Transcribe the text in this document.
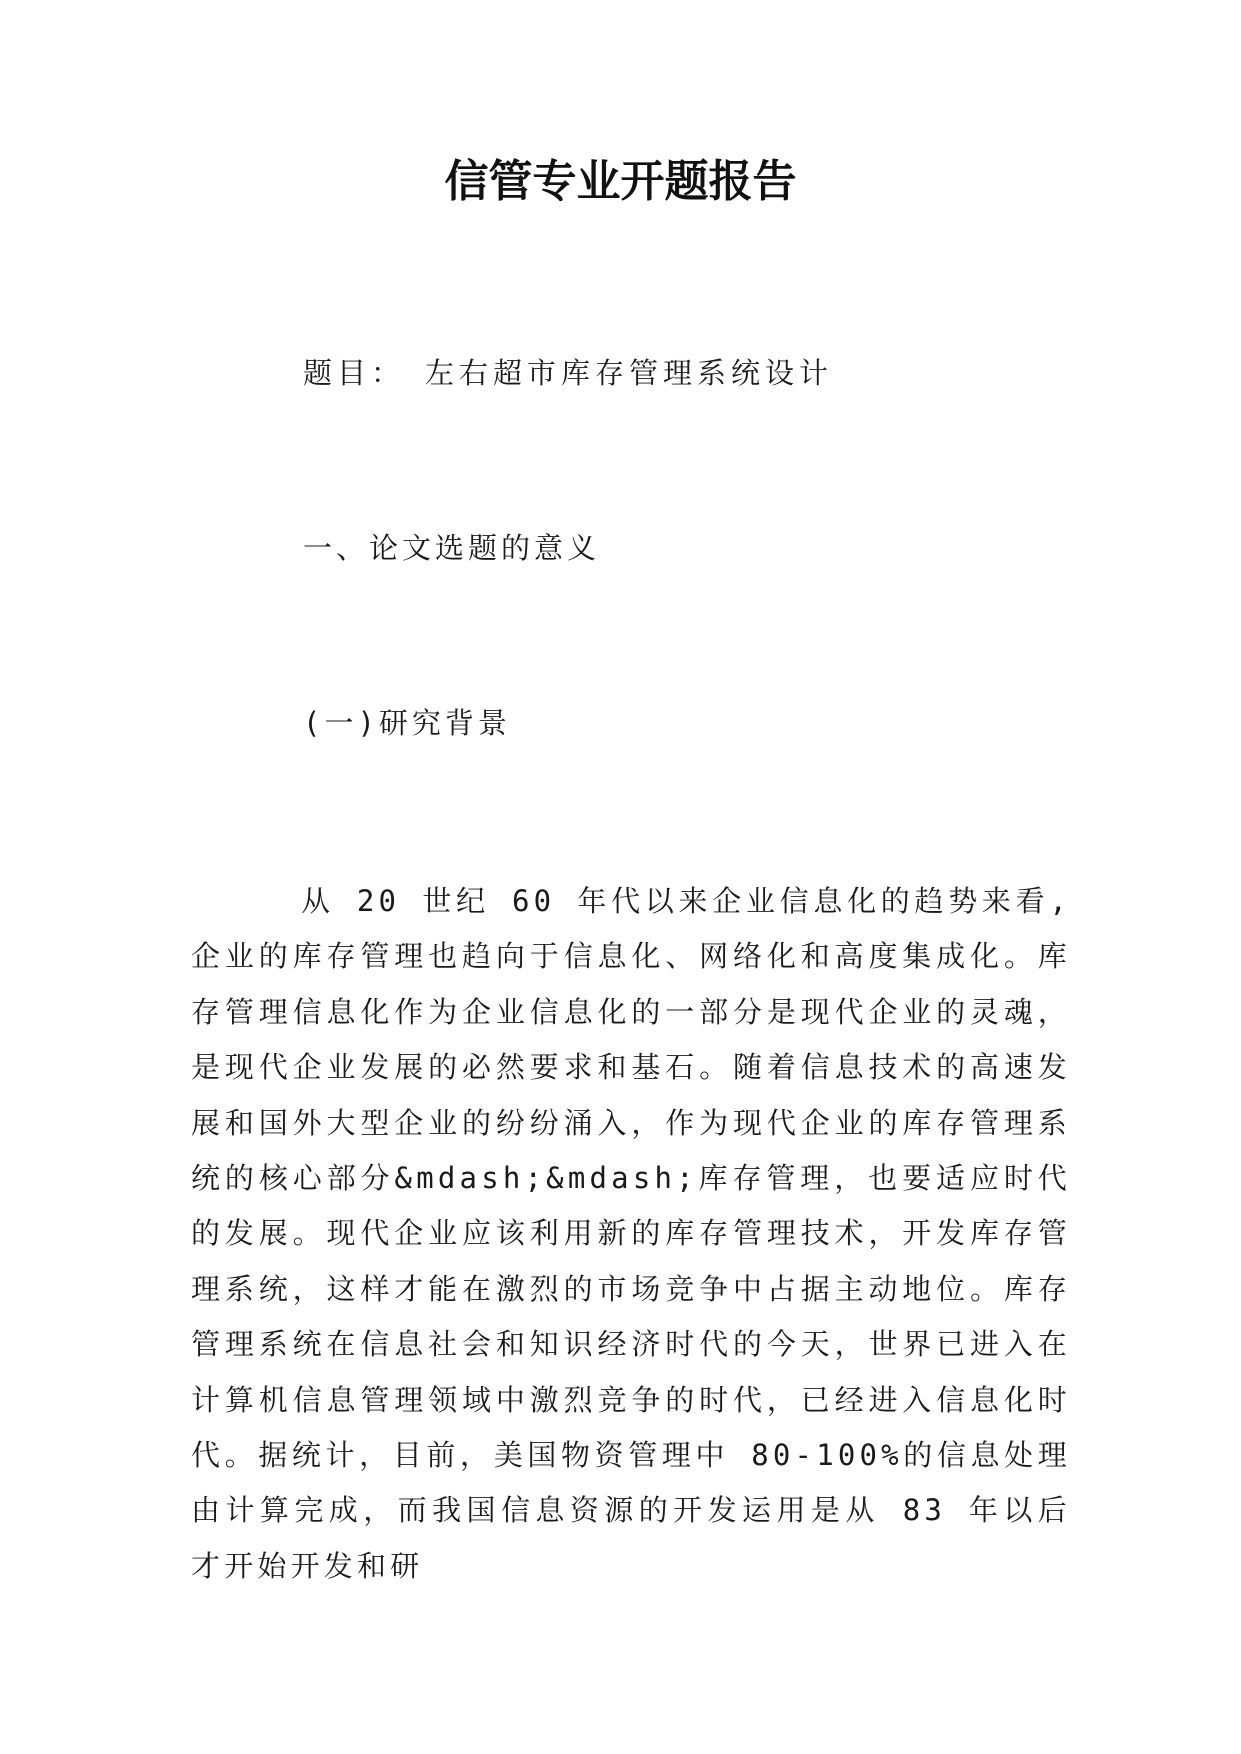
信管专业开题报告
题目： 左右超市库存管理系统设计
一、论文选题的意义
(一)研究背景

从 20 世纪 60 年代以来企业信息化的趋势来看,企业的库存管理也趋向于信息化、网络化和高度集成化。库存管理信息化作为企业信息化的一部分是现代企业的灵魂，是现代企业发展的必然要求和基石。随着信息技术的高速发展和国外大型企业的纷纷涌入，作为现代企业的库存管理系统的核心部分&mdash;&mdash;库存管理，也要适应时代的发展。现代企业应该利用新的库存管理技术，开发库存管理系统，这样才能在激烈的市场竞争中占据主动地位。库存管理系统在信息社会和知识经济时代的今天，世界已进入在计算机信息管理领域中激烈竞争的时代，已经进入信息化时代。据统计，目前，美国物资管理中 80-100%的信息处理由计算完成，而我国信息资源的开发运用是从 83 年以后才开始开发和研
